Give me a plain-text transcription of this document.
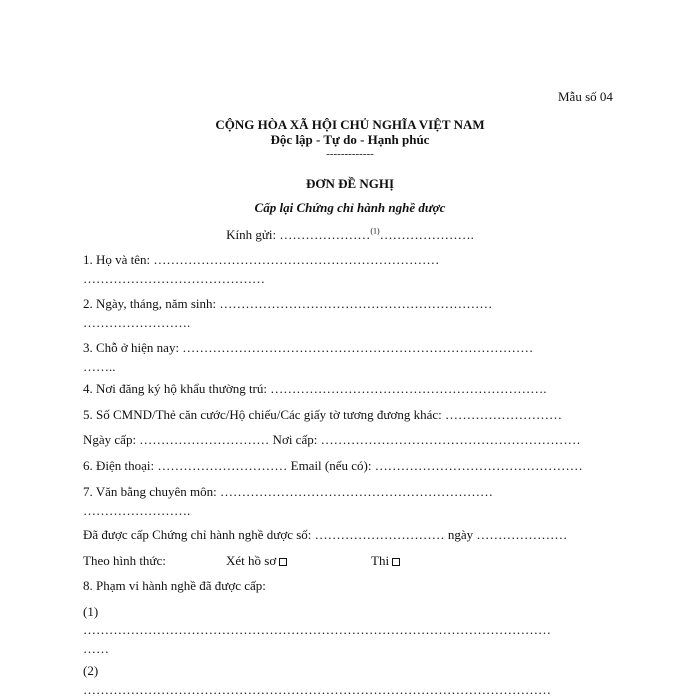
Mẫu số 04
CỘNG HÒA XÃ HỘI CHỦ NGHĨA VIỆT NAM
Độc lập - Tự do - Hạnh phúc
-------------
ĐƠN ĐỀ NGHỊ
Cấp lại Chứng chỉ hành nghề dược
Kính gửi: …………………$^{(1)}$………………….
1. Họ và tên: …………………………………………………………
……………………………………
2. Ngày, tháng, năm sinh: ………………………………………………………
…………………….
3. Chỗ ở hiện nay: ………………………………………………………………………
……..
4. Nơi đăng ký hộ khẩu thường trú: ……………………………………………………….
5. Số CMND/Thẻ căn cước/Hộ chiếu/Các giấy tờ tương đương khác: ………………………
Ngày cấp: ………………………… Nơi cấp: ……………………………………………………
6. Điện thoại: ………………………… Email (nếu có): …………………………………………
7. Văn bằng chuyên môn: ………………………………………………………
…………………….
Đã được cấp Chứng chỉ hành nghề dược số: ………………………… ngày …………………
Theo hình thức:	Xét hồ sơ	Thi
8. Phạm vi hành nghề đã được cấp:
(1)
………………………………………………………………………………………………
……
(2)
………………………………………………………………………………………………
